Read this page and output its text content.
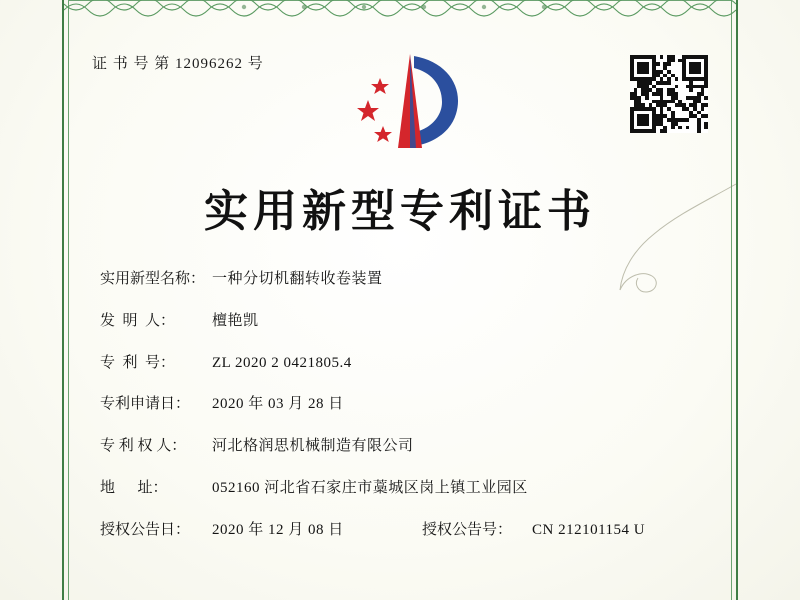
证 书 号 第 12096262 号
实用新型专利证书
实用新型名称： 一种分切机翻转收卷装置
发  明  人：	檀艳凯
专  利  号：	ZL 2020 2 0421805.4
专利申请日：	2020 年 03 月 28 日
专 利 权 人：	河北格润思机械制造有限公司
地      址：	052160 河北省石家庄市藁城区岗上镇工业园区
授权公告日：	2020 年 12 月 08 日	授权公告号：	CN 212101154 U
